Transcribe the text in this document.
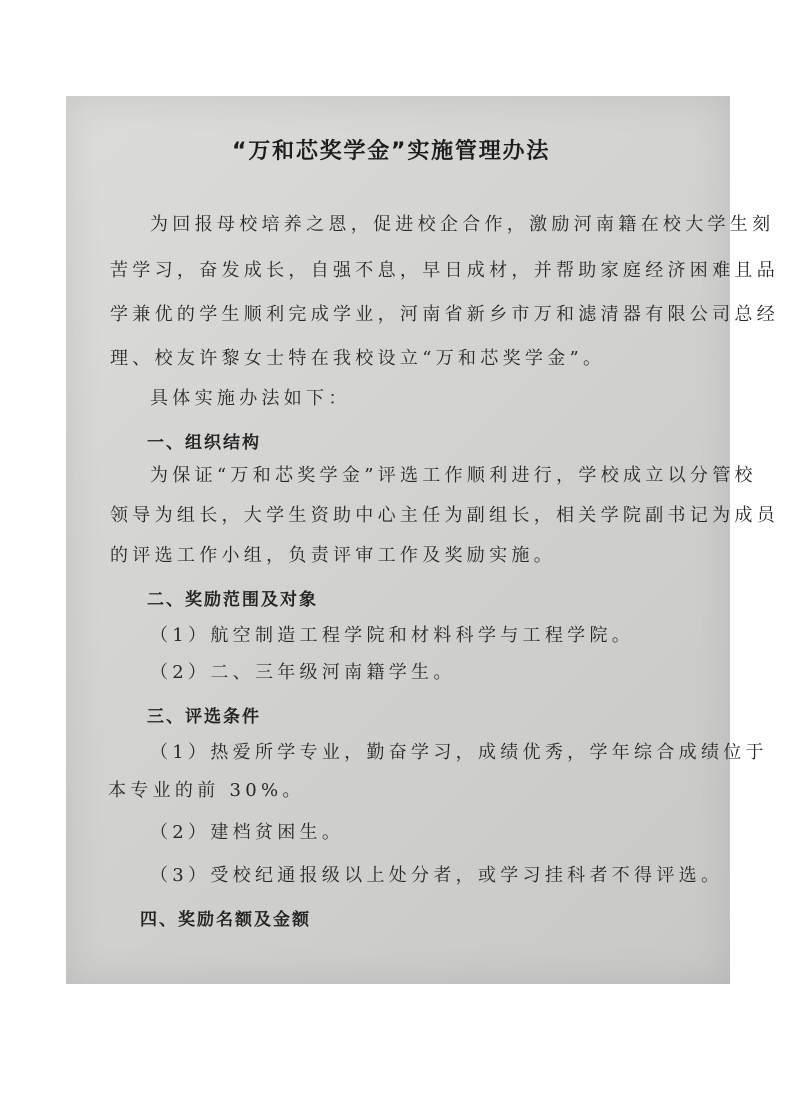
“万和芯奖学金”实施管理办法
为回报母校培养之恩，促进校企合作，激励河南籍在校大学生刻
苦学习，奋发成长，自强不息，早日成材，并帮助家庭经济困难且品
学兼优的学生顺利完成学业，河南省新乡市万和滤清器有限公司总经
理、校友许黎女士特在我校设立“万和芯奖学金”。
具体实施办法如下：
一、组织结构
为保证“万和芯奖学金”评选工作顺利进行，学校成立以分管校
领导为组长，大学生资助中心主任为副组长，相关学院副书记为成员
的评选工作小组，负责评审工作及奖励实施。
二、奖励范围及对象
（1）航空制造工程学院和材料科学与工程学院。
（2）二、三年级河南籍学生。
三、评选条件
（1）热爱所学专业，勤奋学习，成绩优秀，学年综合成绩位于
本专业的前 30%。
（2）建档贫困生。
（3）受校纪通报级以上处分者，或学习挂科者不得评选。
四、奖励名额及金额
